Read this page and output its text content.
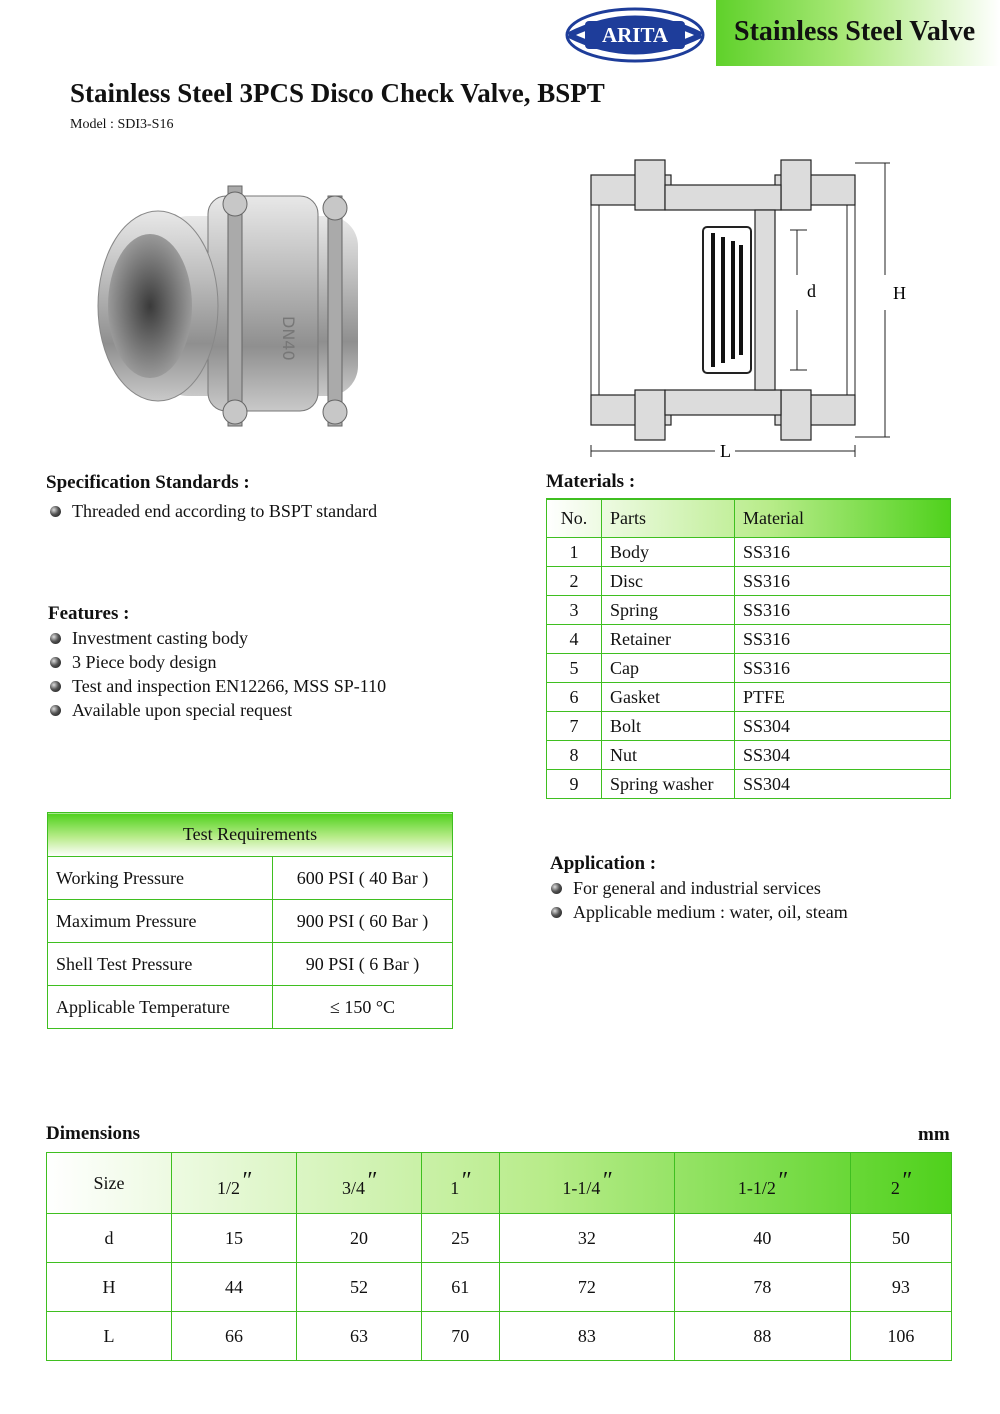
Stainless Steel Valve
ARITA
Stainless Steel 3PCS Disco Check Valve, BSPT
Model : SDI3-S16
DN40
d	H
L
Specification Standards :
Threaded end according to BSPT standard
Features :
Investment casting body
3 Piece body design
Test and inspection EN12266, MSS SP-110
Available upon special request
Materials :
No.	Parts	Material
1	Body	SS316
2	Disc	SS316
3	Spring	SS316
4	Retainer	SS316
5	Cap	SS316
6	Gasket	PTFE
7	Bolt	SS304
8	Nut	SS304
9	Spring washer	SS304
Test Requirements	
Working Pressure	600 PSI ( 40 Bar )
Maximum Pressure	900 PSI ( 60 Bar )
Shell Test Pressure	90 PSI ( 6 Bar )
Applicable Temperature	≤ 150 °C
Application :
For general and industrial services
Applicable medium : water, oil, steam
Dimensions	mm
Size	1/2″	3/4″	1″	1-1/4″	1-1/2″	2″
d	15	20	25	32	40	50
H	44	52	61	72	78	93
L	66	63	70	83	88	106
